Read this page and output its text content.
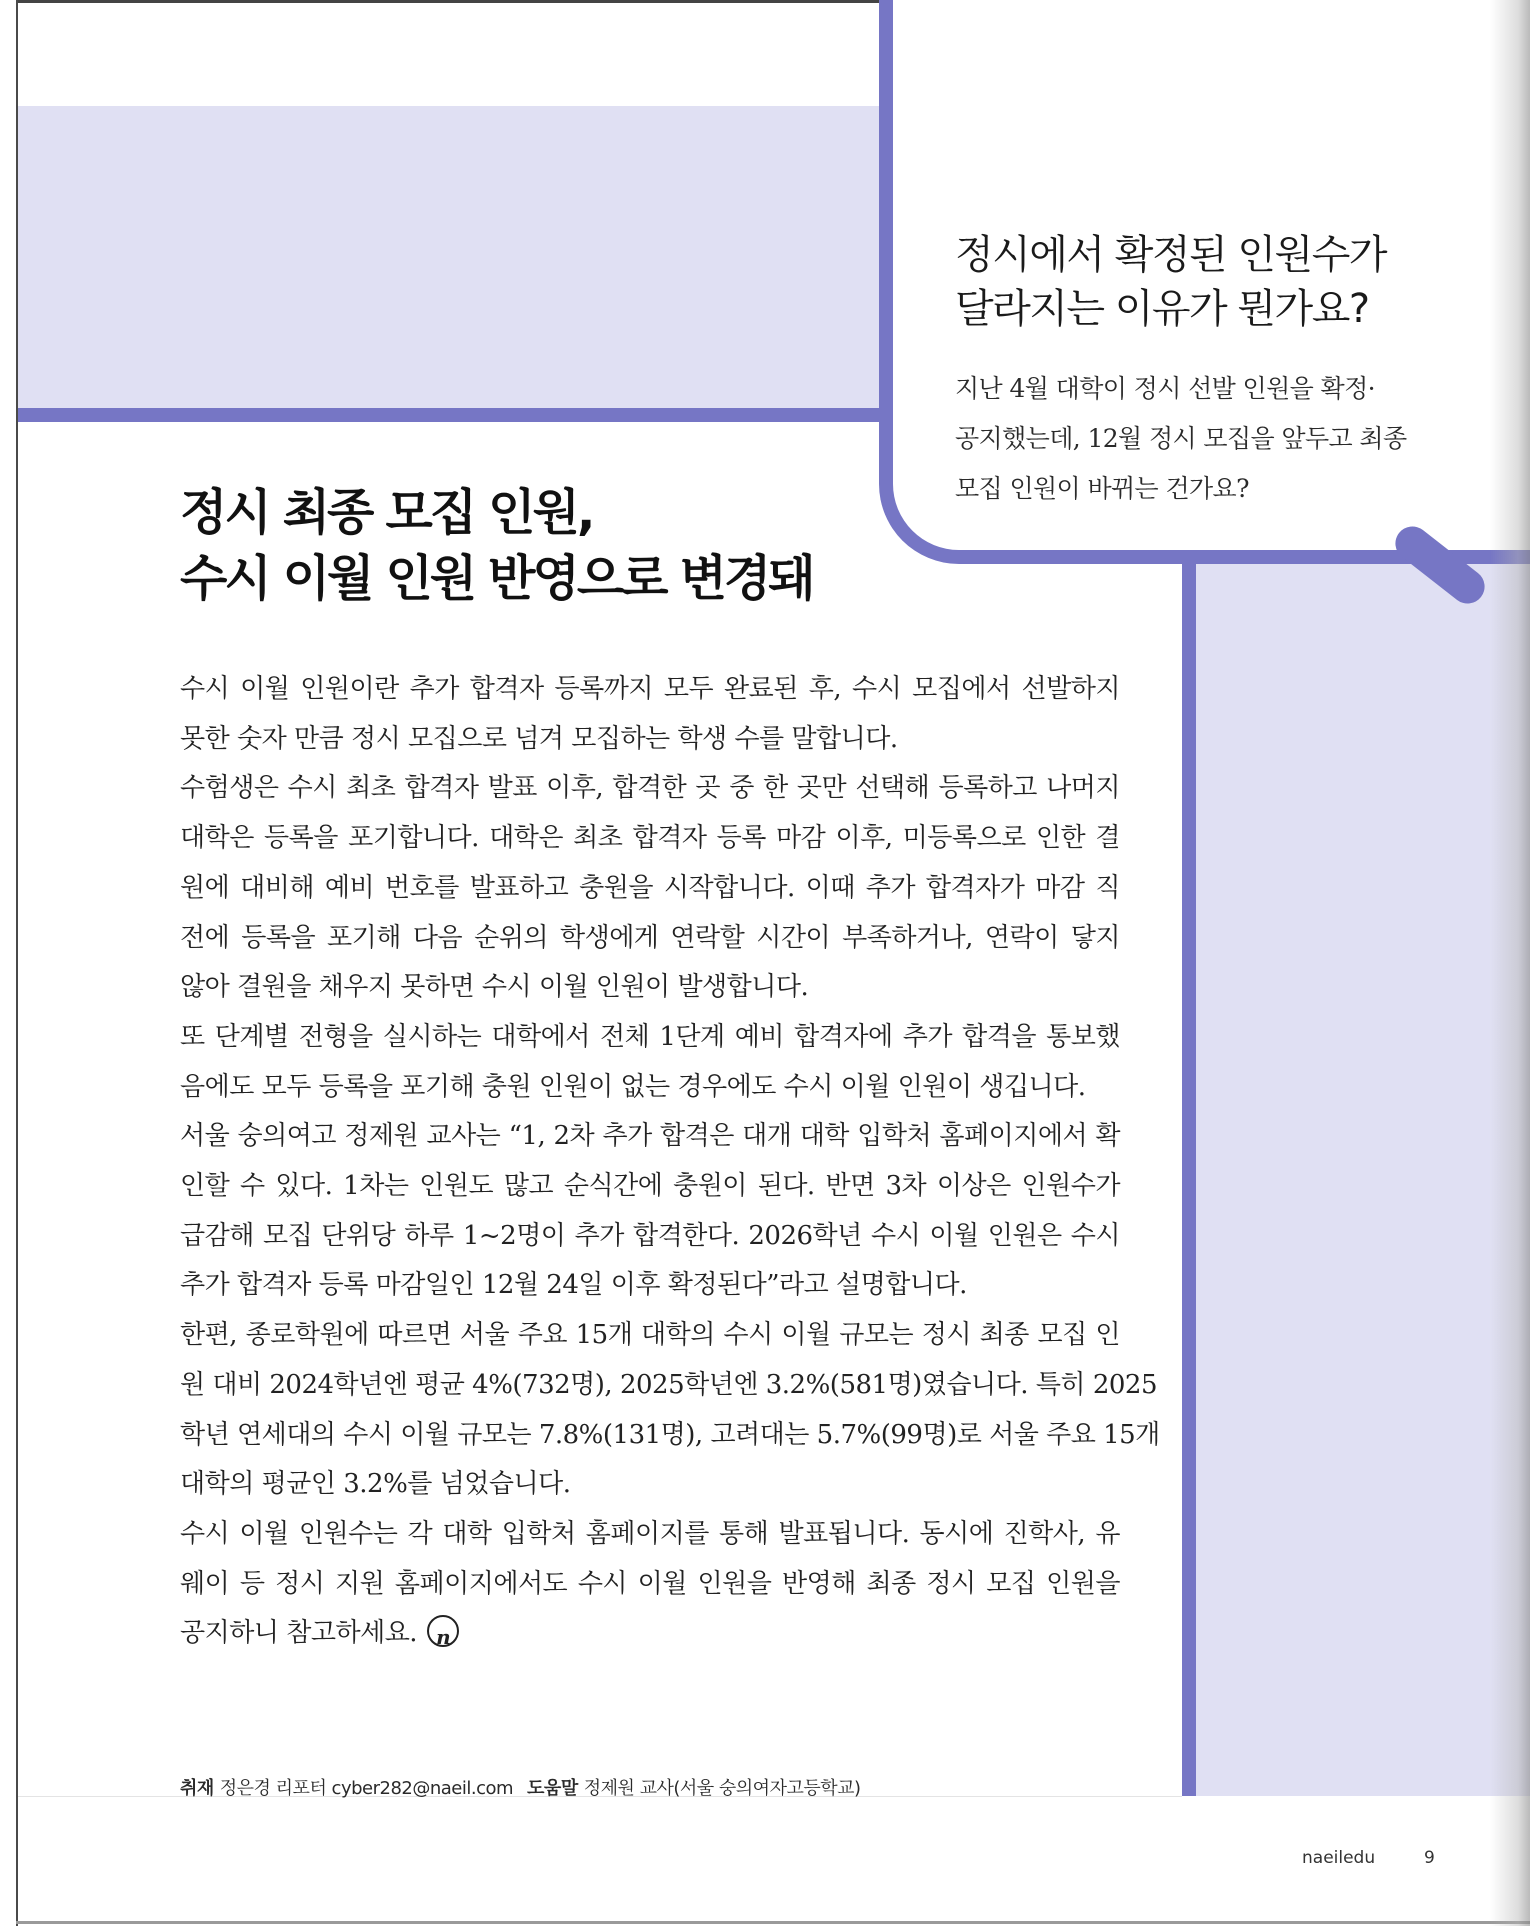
정시에서 확정된 인원수가
달라지는 이유가 뭔가요?
지난 4월 대학이 정시 선발 인원을 확정·
공지했는데, 12월 정시 모집을 앞두고 최종
모집 인원이 바뀌는 건가요?
정시 최종 모집 인원,
수시 이월 인원 반영으로 변경돼
수시 이월 인원이란 추가 합격자 등록까지 모두 완료된 후, 수시 모집에서 선발하지
못한 숫자 만큼 정시 모집으로 넘겨 모집하는 학생 수를 말합니다.
수험생은 수시 최초 합격자 발표 이후, 합격한 곳 중 한 곳만 선택해 등록하고 나머지
대학은 등록을 포기합니다. 대학은 최초 합격자 등록 마감 이후, 미등록으로 인한 결
원에 대비해 예비 번호를 발표하고 충원을 시작합니다. 이때 추가 합격자가 마감 직
전에 등록을 포기해 다음 순위의 학생에게 연락할 시간이 부족하거나, 연락이 닿지
않아 결원을 채우지 못하면 수시 이월 인원이 발생합니다.
또 단계별 전형을 실시하는 대학에서 전체 1단계 예비 합격자에 추가 합격을 통보했
음에도 모두 등록을 포기해 충원 인원이 없는 경우에도 수시 이월 인원이 생깁니다.
서울 숭의여고 정제원 교사는 “1, 2차 추가 합격은 대개 대학 입학처 홈페이지에서 확
인할 수 있다. 1차는 인원도 많고 순식간에 충원이 된다. 반면 3차 이상은 인원수가
급감해 모집 단위당 하루 1~2명이 추가 합격한다. 2026학년 수시 이월 인원은 수시
추가 합격자 등록 마감일인 12월 24일 이후 확정된다”라고 설명합니다.
한편, 종로학원에 따르면 서울 주요 15개 대학의 수시 이월 규모는 정시 최종 모집 인
원 대비 2024학년엔 평균 4%(732명), 2025학년엔 3.2%(581명)였습니다. 특히 2025
학년 연세대의 수시 이월 규모는 7.8%(131명), 고려대는 5.7%(99명)로 서울 주요 15개
대학의 평균인 3.2%를 넘었습니다.
수시 이월 인원수는 각 대학 입학처 홈페이지를 통해 발표됩니다. 동시에 진학사, 유
웨이 등 정시 지원 홈페이지에서도 수시 이월 인원을 반영해 최종 정시 모집 인원을
공지하니 참고하세요.n
취재 정은경 리포터 cyber282@naeil.com 도움말 정제원 교사(서울 숭의여자고등학교)
naeiledu	9
